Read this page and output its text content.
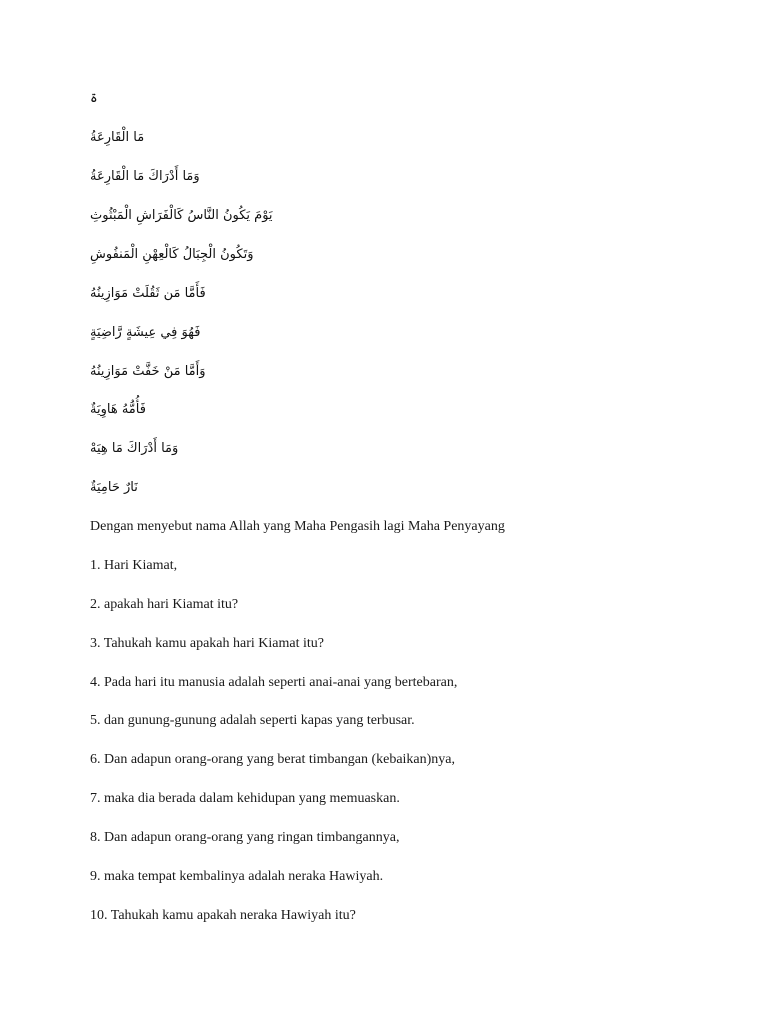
ۃ
مَا الْقَارِعَةُ
وَمَا أَدْرَاكَ مَا الْقَارِعَةُ
يَوْمَ يَكُونُ النَّاسُ كَالْفَرَاشِ الْمَبْثُوثِ
وَتَكُونُ الْجِبَالُ كَالْعِهْنِ الْمَنفُوشِ
فَأَمَّا مَن ثَقُلَتْ مَوَازِينُهُ
فَهُوَ فِي عِيشَةٍ رَّاضِيَةٍ
وَأَمَّا مَنْ خَفَّتْ مَوَازِينُهُ
فَأُمُّهُ هَاوِيَةٌ
وَمَا أَدْرَاكَ مَا هِيَهْ
نَارٌ حَامِيَةٌ
Dengan menyebut nama Allah yang Maha Pengasih lagi Maha Penyayang
1. Hari Kiamat,
2. apakah hari Kiamat itu?
3. Tahukah kamu apakah hari Kiamat itu?
4. Pada hari itu manusia adalah seperti anai-anai yang bertebaran,
5. dan gunung-gunung adalah seperti kapas yang terbusar.
6. Dan adapun orang-orang yang berat timbangan (kebaikan)nya,
7. maka dia berada dalam kehidupan yang memuaskan.
8. Dan adapun orang-orang yang ringan timbangannya,
9. maka tempat kembalinya adalah neraka Hawiyah.
10. Tahukah kamu apakah neraka Hawiyah itu?
